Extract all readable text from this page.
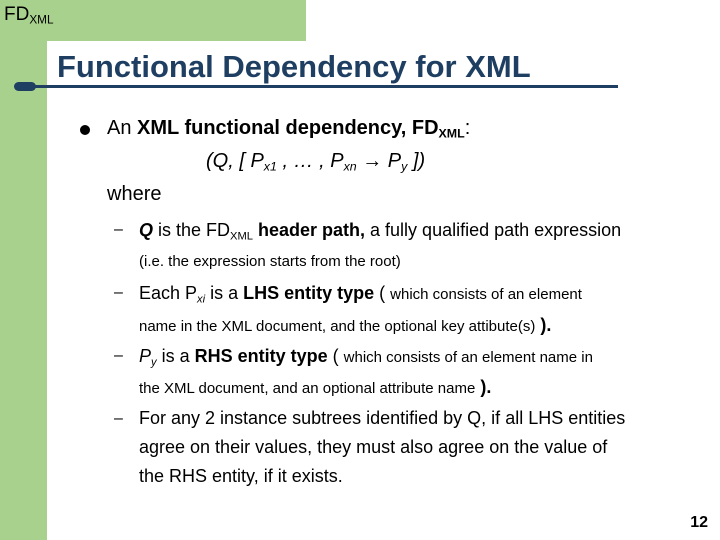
$FD_{XML}$
Functional Dependency for XML
An XML functional dependency, $FD_{XML}$:
(Q, [ $P_{x1}$ , … , $P_{xn} \to P_y$ ])
where
– Q is the $FD_{XML}$ header path, a fully qualified path expression
(i.e. the expression starts from the root)
– Each $P_{xi}$ is a LHS entity type ( which consists of an element
name in the XML document, and the optional key attibute(s) ).
– $P_y$ is a RHS entity type ( which consists of an element name in
the XML document, and an optional attribute name ).
– For any 2 instance subtrees identified by Q, if all LHS entities
agree on their values, they must also agree on the value of
the RHS entity, if it exists.
12
